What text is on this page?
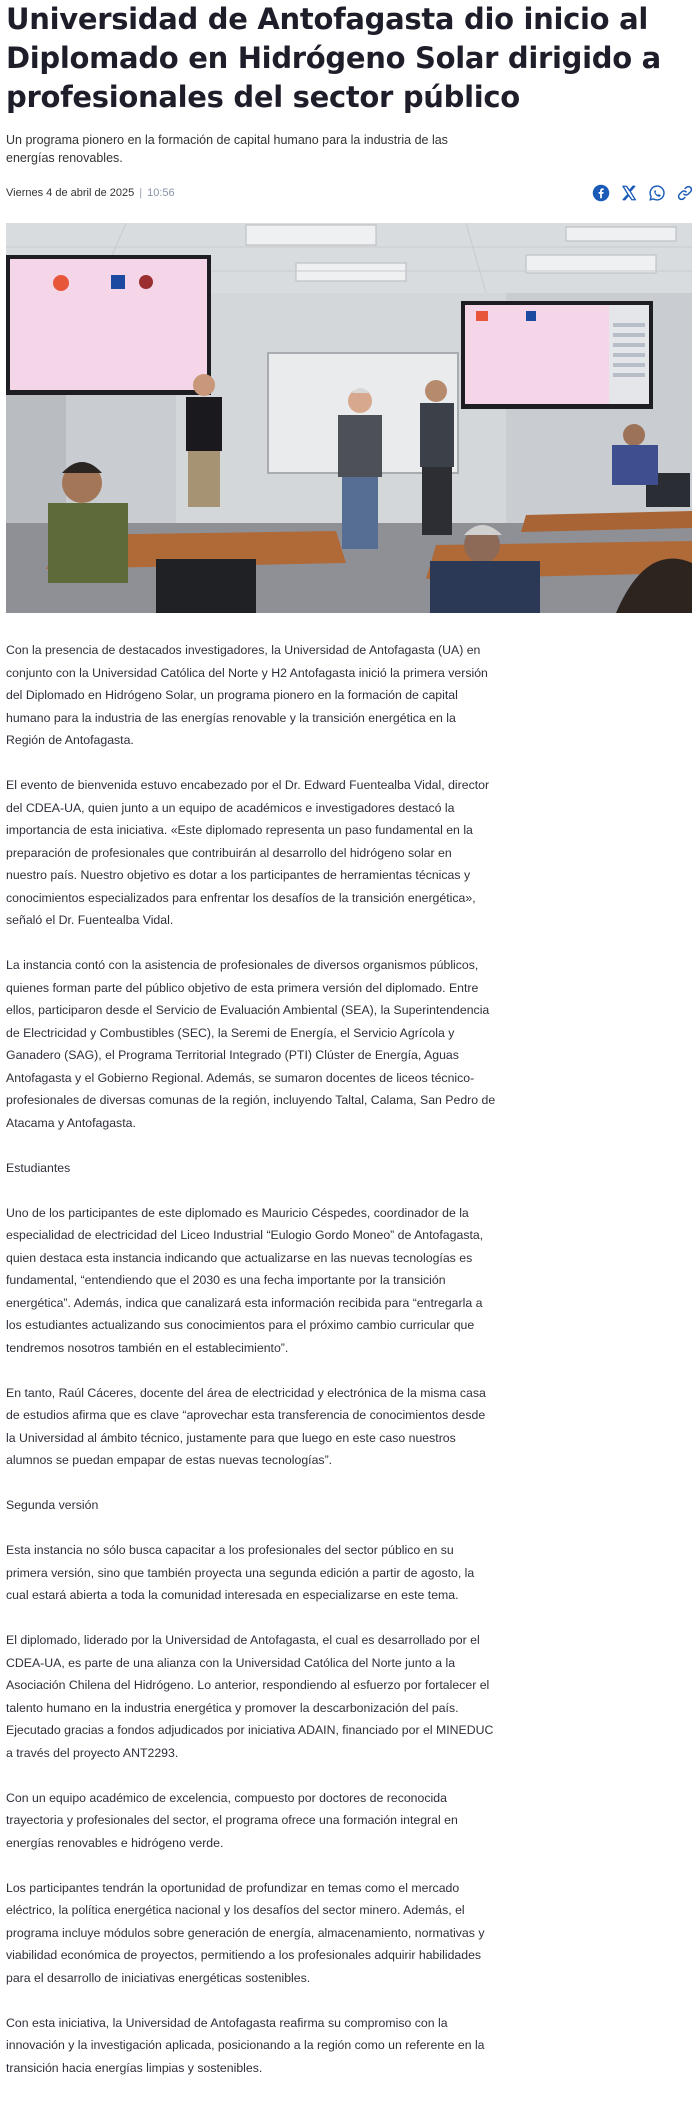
Universidad de Antofagasta dio inicio al Diplomado en Hidrógeno Solar dirigido a profesionales del sector público

Un programa pionero en la formación de capital humano para la industria de las energías renovables.

Viernes 4 de abril de 2025 | 10:56

Con la presencia de destacados investigadores, la Universidad de Antofagasta (UA) en conjunto con la Universidad Católica del Norte y H2 Antofagasta inició la primera versión del Diplomado en Hidrógeno Solar, un programa pionero en la formación de capital humano para la industria de las energías renovable y la transición energética en la Región de Antofagasta.

El evento de bienvenida estuvo encabezado por el Dr. Edward Fuentealba Vidal, director del CDEA-UA, quien junto a un equipo de académicos e investigadores destacó la importancia de esta iniciativa. «Este diplomado representa un paso fundamental en la preparación de profesionales que contribuirán al desarrollo del hidrógeno solar en nuestro país. Nuestro objetivo es dotar a los participantes de herramientas técnicas y conocimientos especializados para enfrentar los desafíos de la transición energética», señaló el Dr. Fuentealba Vidal.

La instancia contó con la asistencia de profesionales de diversos organismos públicos, quienes forman parte del público objetivo de esta primera versión del diplomado. Entre ellos, participaron desde el Servicio de Evaluación Ambiental (SEA), la Superintendencia de Electricidad y Combustibles (SEC), la Seremi de Energía, el Servicio Agrícola y Ganadero (SAG), el Programa Territorial Integrado (PTI) Clúster de Energía, Aguas Antofagasta y el Gobierno Regional. Además, se sumaron docentes de liceos técnico-profesionales de diversas comunas de la región, incluyendo Taltal, Calama, San Pedro de Atacama y Antofagasta.

Estudiantes

Uno de los participantes de este diplomado es Mauricio Céspedes, coordinador de la especialidad de electricidad del Liceo Industrial “Eulogio Gordo Moneo” de Antofagasta, quien destaca esta instancia indicando que actualizarse en las nuevas tecnologías es fundamental, “entendiendo que el 2030 es una fecha importante por la transición energética”. Además, indica que canalizará esta información recibida para “entregarla a los estudiantes actualizando sus conocimientos para el próximo cambio curricular que tendremos nosotros también en el establecimiento”.

En tanto, Raúl Cáceres, docente del área de electricidad y electrónica de la misma casa de estudios afirma que es clave “aprovechar esta transferencia de conocimientos desde la Universidad al ámbito técnico, justamente para que luego en este caso nuestros alumnos se puedan empapar de estas nuevas tecnologías”.

Segunda versión

Esta instancia no sólo busca capacitar a los profesionales del sector público en su primera versión, sino que también proyecta una segunda edición a partir de agosto, la cual estará abierta a toda la comunidad interesada en especializarse en este tema.

El diplomado, liderado por la Universidad de Antofagasta, el cual es desarrollado por el CDEA-UA, es parte de una alianza con la Universidad Católica del Norte junto a la Asociación Chilena del Hidrógeno. Lo anterior, respondiendo al esfuerzo por fortalecer el talento humano en la industria energética y promover la descarbonización del país. Ejecutado gracias a fondos adjudicados por iniciativa ADAIN, financiado por el MINEDUC a través del proyecto ANT2293.

Con un equipo académico de excelencia, compuesto por doctores de reconocida trayectoria y profesionales del sector, el programa ofrece una formación integral en energías renovables e hidrógeno verde.

Los participantes tendrán la oportunidad de profundizar en temas como el mercado eléctrico, la política energética nacional y los desafíos del sector minero. Además, el programa incluye módulos sobre generación de energía, almacenamiento, normativas y viabilidad económica de proyectos, permitiendo a los profesionales adquirir habilidades para el desarrollo de iniciativas energéticas sostenibles.

Con esta iniciativa, la Universidad de Antofagasta reafirma su compromiso con la innovación y la investigación aplicada, posicionando a la región como un referente en la transición hacia energías limpias y sostenibles.
